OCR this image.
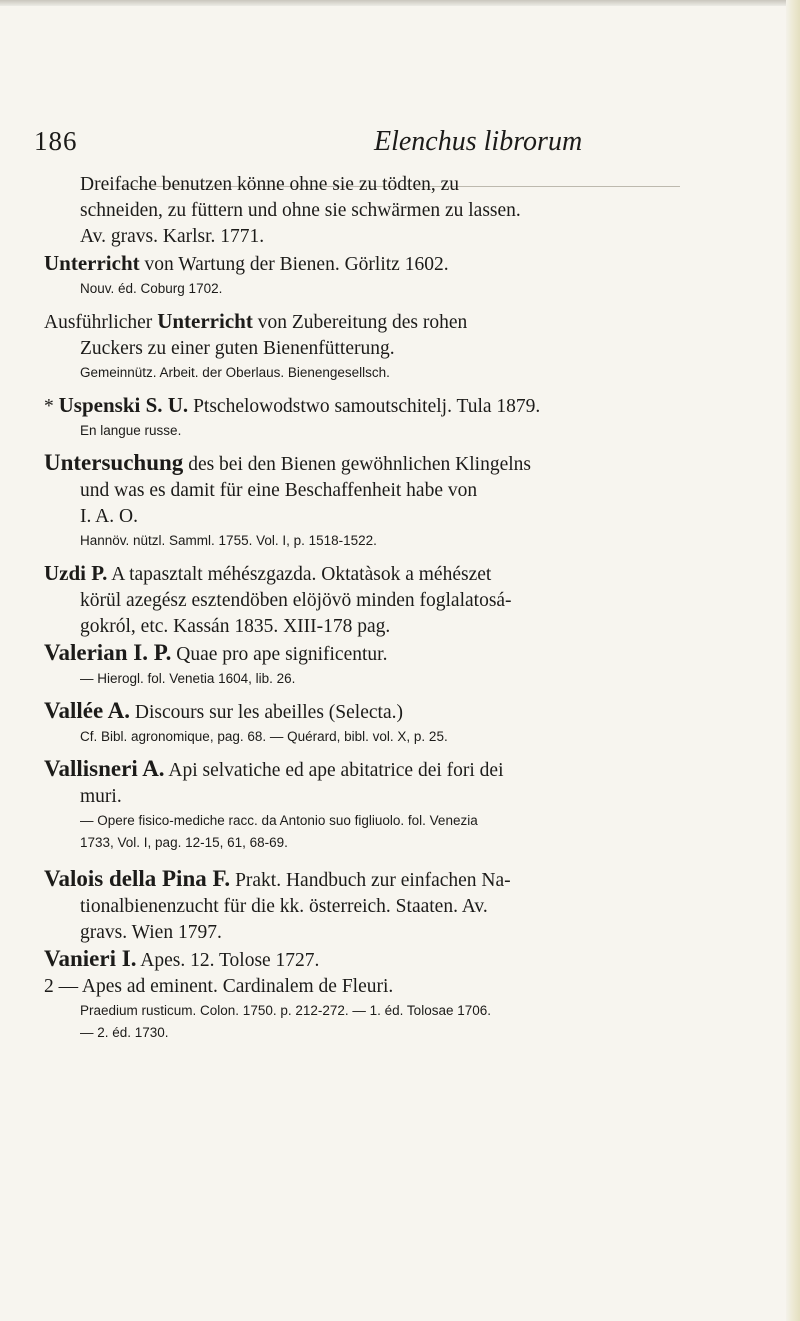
186	Elenchus librorum
Dreifache benutzen könne ohne sie zu tödten, zu
schneiden, zu füttern und ohne sie schwärmen zu lassen.
Av. gravs. Karlsr. 1771.
Unterricht von Wartung der Bienen. Görlitz 1602.
Nouv. éd. Coburg 1702.
Ausführlicher Unterricht von Zubereitung des rohen
Zuckers zu einer guten Bienenfütterung.
Gemeinnütz. Arbeit. der Oberlaus. Bienengesellsch.
* Uspenski S. U. Ptschelowodstwo samoutschitelj. Tula 1879.
En langue russe.
Untersuchung des bei den Bienen gewöhnlichen Klingelns
und was es damit für eine Beschaffenheit habe von
I. A. O.
Hannöv. nützl. Samml. 1755. Vol. I, p. 1518-1522.
Uzdi P. A tapasztalt méhészgazda. Oktatàsok a méhészet
körül azegész esztendöben elöjövö minden foglalatosá-
gokról, etc. Kassán 1835. XIII-178 pag.
Valerian I. P. Quae pro ape significentur.
— Hierogl. fol. Venetia 1604, lib. 26.
Vallée A. Discours sur les abeilles (Selecta.)
Cf. Bibl. agronomique, pag. 68. — Quérard, bibl. vol. X, p. 25.
Vallisneri A. Api selvatiche ed ape abitatrice dei fori dei
muri.
— Opere fisico-mediche racc. da Antonio suo figliuolo. fol. Venezia
1733, Vol. I, pag. 12-15, 61, 68-69.
Valois della Pina F. Prakt. Handbuch zur einfachen Na-
tionalbienenzucht für die kk. österreich. Staaten. Av.
gravs. Wien 1797.
Vanieri I. Apes. 12. Tolose 1727.
2 — Apes ad eminent. Cardinalem de Fleuri.
Praedium rusticum. Colon. 1750. p. 212-272. — 1. éd. Tolosae 1706.
— 2. éd. 1730.
